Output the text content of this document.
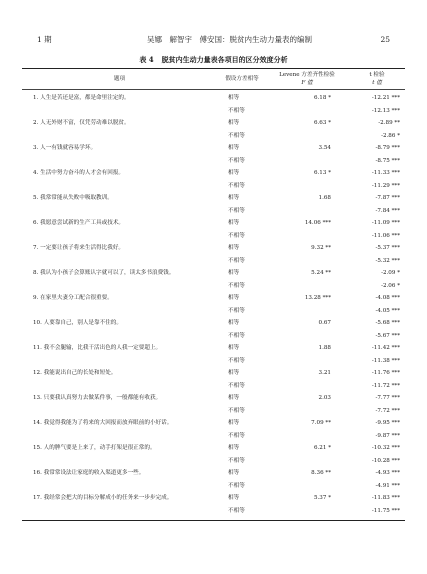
1 期	吴娜　解智宇　傅安国：脱贫内生动力量表的编制	25
表 4 脱贫内生动力量表各项目的区分效度分析
题项	假设方差相等
Levene 方差齐性检验
F 值
t 检验
t 值
1. 人生是苦还是富，都是命里注定的。	相等	6.18 *	-12.21 ***
	不相等		-12.13 ***
2. 人无外财不富，仅凭劳动难以脱贫。	相等	6.63 *	-2.89 **
	不相等		-2.86 *
3. 人一有钱就容易学坏。	相等	3.54	-8.79 ***
	不相等		-8.75 ***
4. 生活中努力奋斗的人才会有回报。	相等	6.13 *	-11.33 ***
	不相等		-11.29 ***
5. 我常常能从失败中吸取教训。	相等	1.68	-7.87 ***
	不相等		-7.84 ***
6. 我愿意尝试新的生产工具或技术。	相等	14.06 ***	-11.09 ***
	不相等		-11.06 ***
7. 一定要让孩子将来生活得比我好。	相等	9.32 **	-5.37 ***
	不相等		-5.32 ***
8. 我认为小孩子会算账认字就可以了，读太多书浪费钱。	相等	5.24 **	-2.09 *
	不相等		-2.06 *
9. 在家里夫妻分工配合很重要。	相等	13.28 ***	-4.08 ***
	不相等		-4.05 ***
10. 人要靠自己，别人是靠不住的。	相等	0.67	-5.68 ***
	不相等		-5.67 ***
11. 我不会腿输，比我干活出色的人我一定要超上。	相等	1.88	-11.42 ***
	不相等		-11.38 ***
12. 我能说出自己的长处和短处。	相等	3.21	-11.76 ***
	不相等		-11.72 ***
13. 只要我认真努力去做某件事，一般都能有收获。	相等	2.03	-7.77 ***
	不相等		-7.72 ***
14. 我觉得我能为了将来的大回报而放弃眼前的小好话。	相等	7.09 **	-9.95 ***
	不相等		-9.87 ***
15. 人的脾气要是上来了，动手打架是很正常的。	相等	6.21 *	-10.32 ***
	不相等		-10.28 ***
16. 我常常设法让家庭的收入渠道更多一些。	相等	8.36 **	-4.93 ***
	不相等		-4.91 ***
17. 我经常会把大的目标分解成小的任务来一步步完成。	相等	5.37 *	-11.83 ***
	不相等		-11.75 ***
